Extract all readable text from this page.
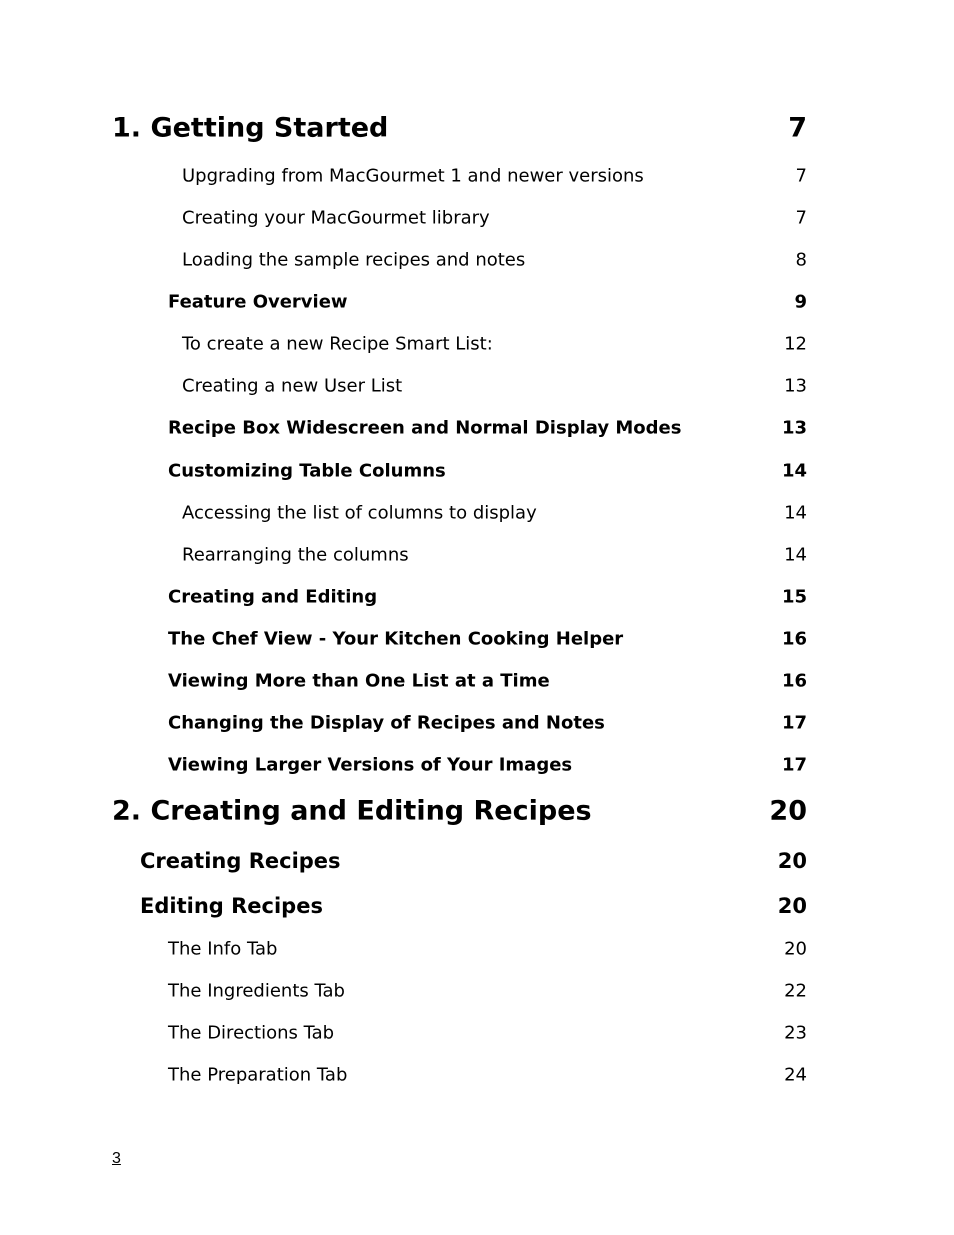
1. Getting Started	7
Upgrading from MacGourmet 1 and newer versions	7
Creating your MacGourmet library	7
Loading the sample recipes and notes	8
Feature Overview	9
To create a new Recipe Smart List:	12
Creating a new User List	13
Recipe Box Widescreen and Normal Display Modes	13
Customizing Table Columns	14
Accessing the list of columns to display	14
Rearranging the columns	14
Creating and Editing	15
The Chef View - Your Kitchen Cooking Helper	16
Viewing More than One List at a Time	16
Changing the Display of Recipes and Notes	17
Viewing Larger Versions of Your Images	17
2. Creating and Editing Recipes	20
Creating Recipes	20
Editing Recipes	20
The Info Tab	20
The Ingredients Tab	22
The Directions Tab	23
The Preparation Tab	24
3
